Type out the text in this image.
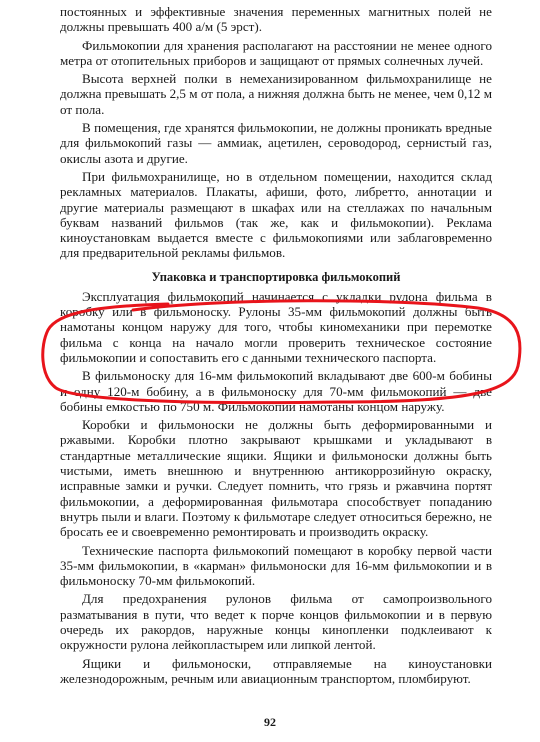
постоянных и эффективные значения переменных магнитных полей не должны превышать 400 а/м (5 эрст).

Фильмокопии для хранения располагают на расстоянии не менее одного метра от отопительных приборов и защищают от прямых солнечных лучей.

Высота верхней полки в немеханизированном фильмохранилище не должна превышать 2,5 м от пола, а нижняя должна быть не менее, чем 0,12 м от пола.

В помещения, где хранятся фильмокопии, не должны проникать вредные для фильмокопий газы — аммиак, ацетилен, сероводород, сернистый газ, окислы азота и другие.

При фильмохранилище, но в отдельном помещении, находится склад рекламных материалов. Плакаты, афиши, фото, либретто, аннотации и другие материалы размещают в шкафах или на стеллажах по начальным буквам названий фильмов (так же, как и фильмокопии). Реклама киноустановкам выдается вместе с фильмокопиями или заблаговременно для предварительной рекламы фильмов.

Упаковка и транспортировка фильмокопий

Эксплуатация фильмокопий начинается с укладки рулона фильма в коробку или в фильмоноску. Рулоны 35-мм фильмокопий должны быть намотаны концом наружу для того, чтобы киномеханики при перемотке фильма с конца на начало могли проверить техническое состояние фильмокопии и сопоставить его с данными технического паспорта.

В фильмоноску для 16-мм фильмокопий вкладывают две 600-м бобины и одну 120-м бобину, а в фильмоноску для 70-мм фильмокопий — две бобины емкостью по 750 м. Фильмокопии намотаны концом наружу.

Коробки и фильмоноски не должны быть деформированными и ржавыми. Коробки плотно закрывают крышками и укладывают в стандартные металлические ящики. Ящики и фильмоноски должны быть чистыми, иметь внешнюю и внутреннюю антикоррозийную окраску, исправные замки и ручки. Следует помнить, что грязь и ржавчина портят фильмокопии, а деформированная фильмотара способствует попаданию внутрь пыли и влаги. Поэтому к фильмотаре следует относиться бережно, не бросать ее и своевременно ремонтировать и производить окраску.

Технические паспорта фильмокопий помещают в коробку первой части 35-мм фильмокопии, в «карман» фильмоноски для 16-мм фильмокопии и в фильмоноску 70-мм фильмокопий.

Для предохранения рулонов фильма от самопроизвольного разматывания в пути, что ведет к порче концов фильмокопии и в первую очередь их ракордов, наружные концы кинопленки подклеивают к окружности рулона лейкопластырем или липкой лентой.

Ящики и фильмоноски, отправляемые на киноустановки железнодорожным, речным или авиационным транспортом, пломбируют.

92
